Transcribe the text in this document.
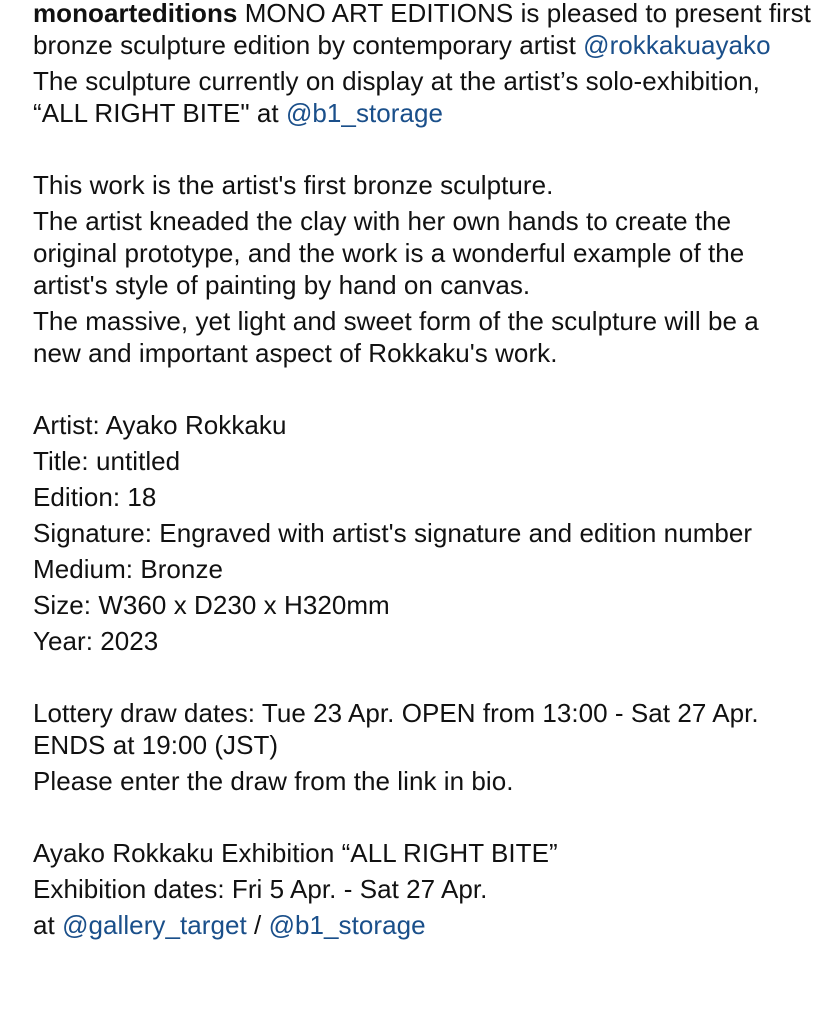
monoarteditions MONO ART EDITIONS is pleased to present first bronze sculpture edition by contemporary artist @rokkakuayako
The sculpture currently on display at the artist’s solo-exhibition, “ALL RIGHT BITE" at @b1_storage
This work is the artist's first bronze sculpture.
The artist kneaded the clay with her own hands to create the original prototype, and the work is a wonderful example of the artist's style of painting by hand on canvas.
The massive, yet light and sweet form of the sculpture will be a new and important aspect of Rokkaku's work.
Artist: Ayako Rokkaku
Title: untitled
Edition: 18
Signature: Engraved with artist's signature and edition number
Medium: Bronze
Size: W360 x D230 x H320mm
Year: 2023
Lottery draw dates: Tue 23 Apr. OPEN from 13:00 - Sat 27 Apr. ENDS at 19:00 (JST)
Please enter the draw from the link in bio.
Ayako Rokkaku Exhibition “ALL RIGHT BITE”
Exhibition dates: Fri 5 Apr. - Sat 27 Apr.
at @gallery_target / @b1_storage
